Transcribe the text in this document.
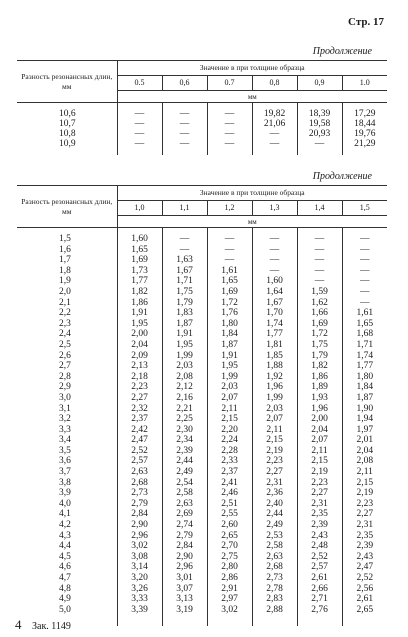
Стр. 17
Продолжение
Разность резонансных длин, мм	Значение в при толщине образца					
	0.5	0,6	0.7	0,8	0,9	1.0
	мм					

10,6	—	—	—	19,82	18,39	17,29
10,7	—	—	—	21,06	19,58	18,44
10,8	—	—	—	—	20,93	19,76
10,9	—	—	—	—	—	21,29

Продолжение
Разность резонансных длин, мм	Значение в при толщине образца					
	1,0	1,1	1,2	1,3	1,4	1,5
	мм					

1,5	1,60	—	—	—	—	—
1,6	1,65	—	—	—	—	—
1,7	1,69	1,63	—	—	—	—
1,8	1,73	1,67	1,61	—	—	—
1,9	1,77	1,71	1,65	1,60	—	—
2,0	1,82	1,75	1,69	1,64	1,59	—
2,1	1,86	1,79	1,72	1,67	1,62	—
2,2	1,91	1,83	1,76	1,70	1,66	1,61
2,3	1,95	1,87	1,80	1,74	1,69	1,65
2,4	2,00	1,91	1,84	1,77	1,72	1,68
2,5	2,04	1,95	1,87	1,81	1,75	1,71
2,6	2,09	1,99	1,91	1,85	1,79	1,74
2,7	2,13	2,03	1,95	1,88	1,82	1,77
2,8	2,18	2,08	1,99	1,92	1,86	1,80
2,9	2,23	2,12	2,03	1,96	1,89	1,84
3,0	2,27	2,16	2,07	1,99	1,93	1,87
3,1	2,32	2,21	2,11	2,03	1,96	1,90
3,2	2,37	2,25	2,15	2,07	2,00	1,94
3,3	2,42	2,30	2,20	2,11	2,04	1,97
3,4	2,47	2,34	2,24	2,15	2,07	2,01
3,5	2,52	2,39	2,28	2,19	2,11	2,04
3,6	2,57	2,44	2,33	2,23	2,15	2,08
3,7	2,63	2,49	2,37	2,27	2,19	2,11
3,8	2,68	2,54	2,41	2,31	2,23	2,15
3,9	2,73	2,58	2,46	2,36	2,27	2,19
4,0	2,79	2,63	2,51	2,40	2,31	2,23
4,1	2,84	2,69	2,55	2,44	2,35	2,27
4,2	2,90	2,74	2,60	2,49	2,39	2,31
4,3	2,96	2,79	2,65	2,53	2,43	2,35
4,4	3,02	2,84	2,70	2,58	2,48	2,39
4,5	3,08	2,90	2,75	2,63	2,52	2,43
4,6	3,14	2,96	2,80	2,68	2,57	2,47
4,7	3,20	3,01	2,86	2,73	2,61	2,52
4,8	3,26	3,07	2,91	2,78	2,66	2,56
4,9	3,33	3,13	2,97	2,83	2,71	2,61
5,0	3,39	3,19	3,02	2,88	2,76	2,65

4 Зак. 1149
